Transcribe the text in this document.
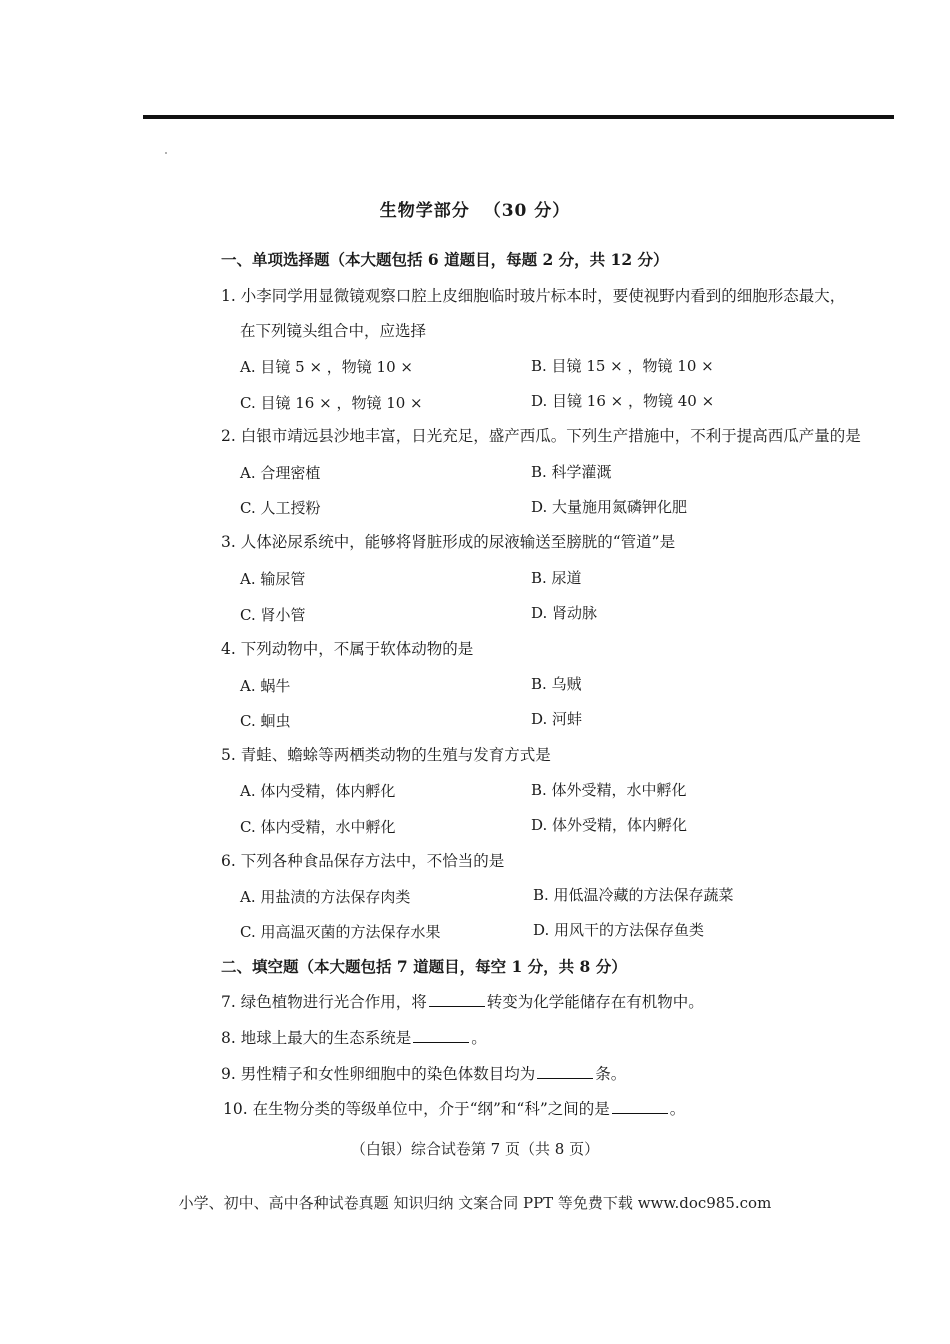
生物学部分 （30 分）
一、单项选择题（本大题包括 6 道题目，每题 2 分，共 12 分）
1. 小李同学用显微镜观察口腔上皮细胞临时玻片标本时，要使视野内看到的细胞形态最大，
在下列镜头组合中，应选择
A. 目镜 5 × ，物镜 10 ×	B. 目镜 15 × ，物镜 10 ×
C. 目镜 16 × ，物镜 10 ×	D. 目镜 16 × ，物镜 40 ×
2. 白银市靖远县沙地丰富，日光充足，盛产西瓜。下列生产措施中，不利于提高西瓜产量的是
A. 合理密植	B. 科学灌溉
C. 人工授粉	D. 大量施用氮磷钾化肥
3. 人体泌尿系统中，能够将肾脏形成的尿液输送至膀胱的“管道”是
A. 输尿管	B. 尿道
C. 肾小管	D. 肾动脉
4. 下列动物中，不属于软体动物的是
A. 蜗牛	B. 乌贼
C. 蛔虫	D. 河蚌
5. 青蛙、蟾蜍等两栖类动物的生殖与发育方式是
A. 体内受精，体内孵化	B. 体外受精，水中孵化
C. 体内受精，水中孵化	D. 体外受精，体内孵化
6. 下列各种食品保存方法中，不恰当的是
A. 用盐渍的方法保存肉类	B. 用低温冷藏的方法保存蔬菜
C. 用高温灭菌的方法保存水果	D. 用风干的方法保存鱼类
二、填空题（本大题包括 7 道题目，每空 1 分，共 8 分）
7. 绿色植物进行光合作用，将	转变为化学能储存在有机物中。
8. 地球上最大的生态系统是	。
9. 男性精子和女性卵细胞中的染色体数目均为	条。
10. 在生物分类的等级单位中，介于“纲”和“科”之间的是	。
（白银）综合试卷第 7 页（共 8 页）
小学、初中、高中各种试卷真题 知识归纳 文案合同 PPT 等免费下载 www.doc985.com
